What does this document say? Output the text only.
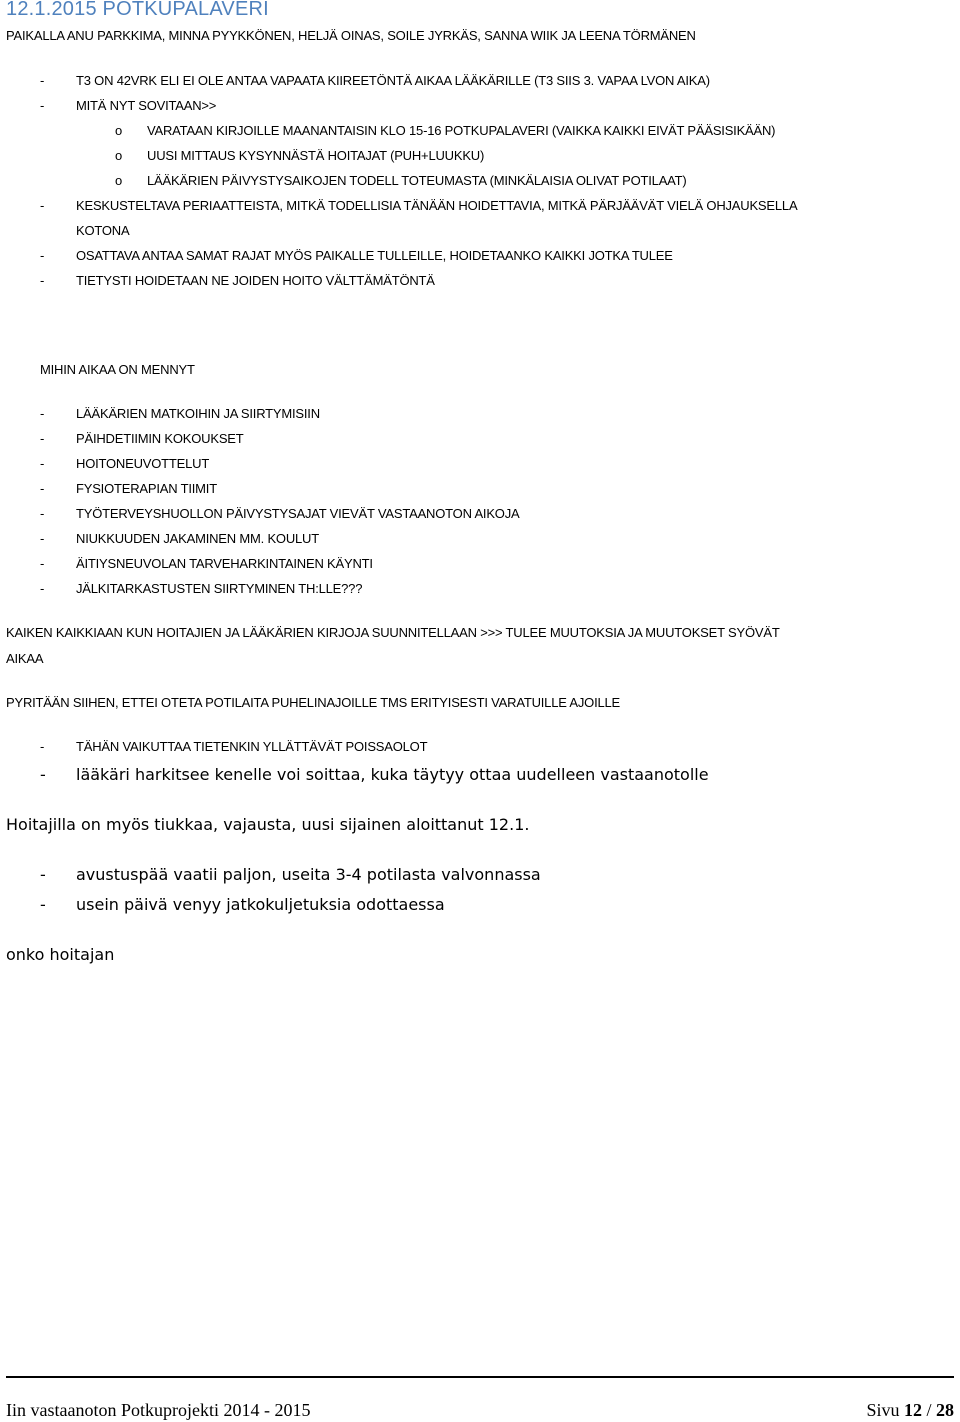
12.1.2015 POTKUPALAVERI
PAIKALLA ANU PARKKIMA, MINNA PYYKKÖNEN, HELJÄ OINAS, SOILE JYRKÄS, SANNA WIIK JA LEENA TÖRMÄNEN
- T3 ON 42VRK ELI EI OLE ANTAA VAPAATA KIIREETÖNTÄ AIKAA LÄÄKÄRILLE (T3 SIIS 3. VAPAA LVON AIKA)
- MITÄ NYT SOVITAAN>>
o VARATAAN KIRJOILLE MAANANTAISIN KLO 15-16 POTKUPALAVERI (VAIKKA KAIKKI EIVÄT PÄÄSISIKÄÄN)
o UUSI MITTAUS KYSYNNÄSTÄ HOITAJAT (PUH+LUUKKU)
o LÄÄKÄRIEN PÄIVYSTYSAIKOJEN TODELL TOTEUMASTA (MINKÄLAISIA OLIVAT POTILAAT)
- KESKUSTELTAVA PERIAATTEISTA, MITKÄ TODELLISIA TÄNÄÄN HOIDETTAVIA, MITKÄ PÄRJÄÄVÄT VIELÄ OHJAUKSELLA
KOTONA
- OSATTAVA ANTAA SAMAT RAJAT MYÖS PAIKALLE TULLEILLE, HOIDETAANKO KAIKKI JOTKA TULEE
- TIETYSTI HOIDETAAN NE JOIDEN HOITO VÄLTTÄMÄTÖNTÄ
MIHIN AIKAA ON MENNYT
- LÄÄKÄRIEN MATKOIHIN JA SIIRTYMISIIN
- PÄIHDETIIMIN KOKOUKSET
- HOITONEUVOTTELUT
- FYSIOTERAPIAN TIIMIT
- TYÖTERVEYSHUOLLON PÄIVYSTYSAJAT VIEVÄT VASTAANOTON AIKOJA
- NIUKKUUDEN JAKAMINEN MM. KOULUT
- ÄITIYSNEUVOLAN TARVEHARKINTAINEN KÄYNTI
- JÄLKITARKASTUSTEN SIIRTYMINEN TH:LLE???
KAIKEN KAIKKIAAN KUN HOITAJIEN JA LÄÄKÄRIEN KIRJOJA SUUNNITELLAAN >>> TULEE MUUTOKSIA JA MUUTOKSET SYÖVÄT
AIKAA
PYRITÄÄN SIIHEN, ETTEI OTETA POTILAITA PUHELINAJOILLE TMS ERITYISESTI VARATUILLE AJOILLE
- TÄHÄN VAIKUTTAA TIETENKIN YLLÄTTÄVÄT POISSAOLOT
- lääkäri harkitsee kenelle voi soittaa, kuka täytyy ottaa uudelleen vastaanotolle
Hoitajilla on myös tiukkaa, vajausta, uusi sijainen aloittanut 12.1.
- avustuspää vaatii paljon, useita 3-4 potilasta valvonnassa
- usein päivä venyy jatkokuljetuksia odottaessa
onko hoitajan
Iin vastaanoton Potkuprojekti 2014 - 2015	Sivu 12 / 28
